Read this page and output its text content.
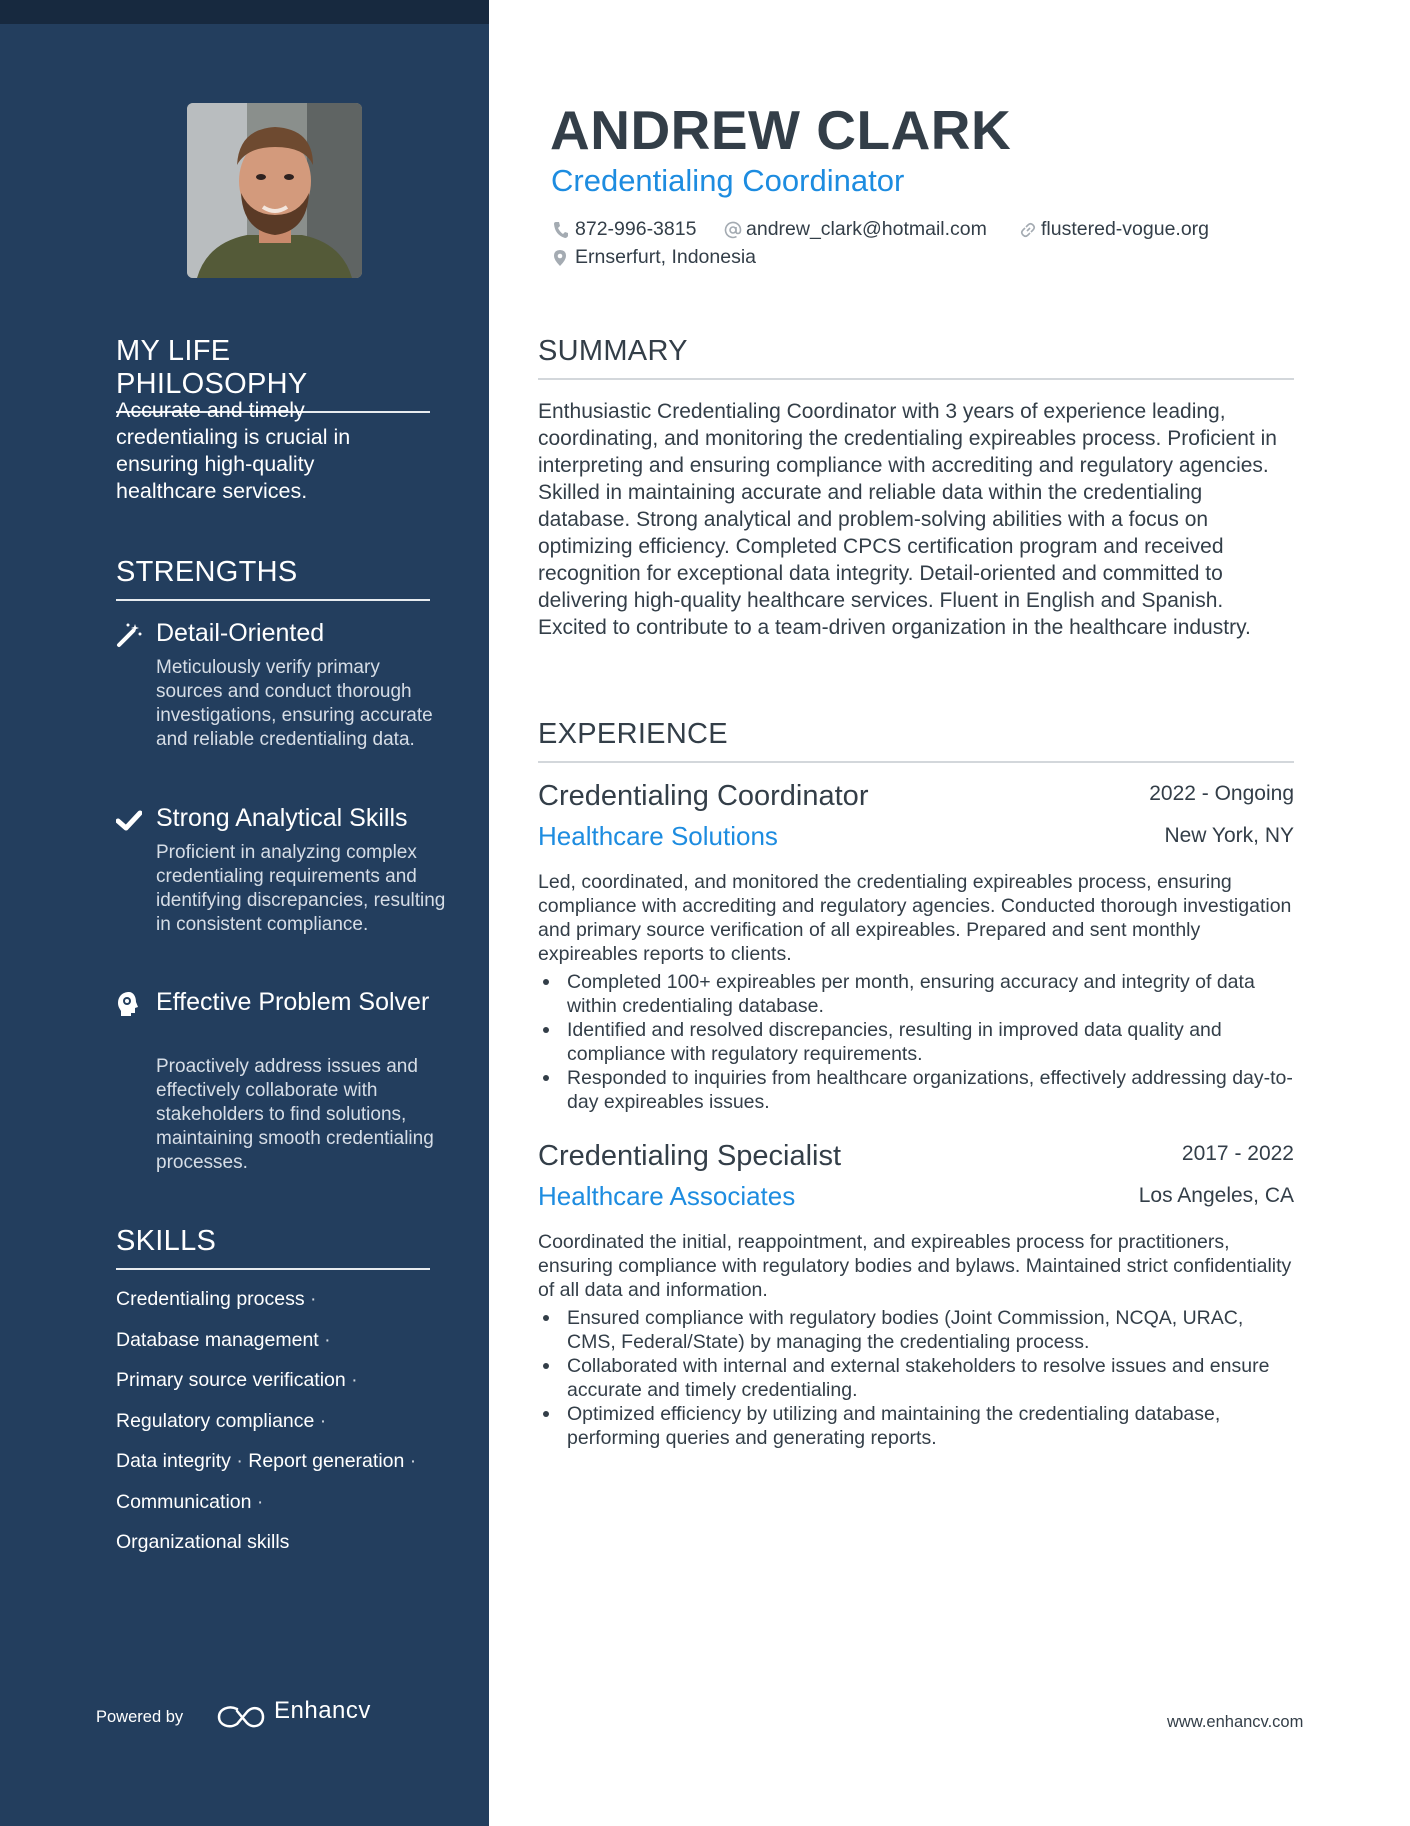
MY LIFE PHILOSOPHY
Accurate and timely credentialing is crucial in ensuring high-quality healthcare services.
STRENGTHS
Detail-Oriented
Meticulously verify primary sources and conduct thorough investigations, ensuring accurate and reliable credentialing data.
Strong Analytical Skills
Proficient in analyzing complex credentialing requirements and identifying discrepancies, resulting in consistent compliance.
Effective Problem Solver
Proactively address issues and effectively collaborate with stakeholders to find solutions, maintaining smooth credentialing processes.
SKILLS
Credentialing process ·
Database management ·
Primary source verification ·
Regulatory compliance ·
Data integrity · Report generation ·
Communication ·
Organizational skills
Powered by	Enhancv
ANDREW CLARK
Credentialing Coordinator
872-996-3815	andrew_clark@hotmail.com	flustered-vogue.org
Ernserfurt, Indonesia
SUMMARY
Enthusiastic Credentialing Coordinator with 3 years of experience leading, coordinating, and monitoring the credentialing expireables process. Proficient in interpreting and ensuring compliance with accrediting and regulatory agencies. Skilled in maintaining accurate and reliable data within the credentialing database. Strong analytical and problem-solving abilities with a focus on optimizing efficiency. Completed CPCS certification program and received recognition for exceptional data integrity. Detail-oriented and committed to delivering high-quality healthcare services. Fluent in English and Spanish. Excited to contribute to a team-driven organization in the healthcare industry.
EXPERIENCE
Credentialing Coordinator	2022 - Ongoing
Healthcare Solutions	New York, NY
Led, coordinated, and monitored the credentialing expireables process, ensuring compliance with accrediting and regulatory agencies. Conducted thorough investigation and primary source verification of all expireables. Prepared and sent monthly expireables reports to clients.
Completed 100+ expireables per month, ensuring accuracy and integrity of data within credentialing database.
Identified and resolved discrepancies, resulting in improved data quality and compliance with regulatory requirements.
Responded to inquiries from healthcare organizations, effectively addressing day-to-day expireables issues.
Credentialing Specialist	2017 - 2022
Healthcare Associates	Los Angeles, CA
Coordinated the initial, reappointment, and expireables process for practitioners, ensuring compliance with regulatory bodies and bylaws. Maintained strict confidentiality of all data and information.
Ensured compliance with regulatory bodies (Joint Commission, NCQA, URAC, CMS, Federal/State) by managing the credentialing process.
Collaborated with internal and external stakeholders to resolve issues and ensure accurate and timely credentialing.
Optimized efficiency by utilizing and maintaining the credentialing database, performing queries and generating reports.
www.enhancv.com
